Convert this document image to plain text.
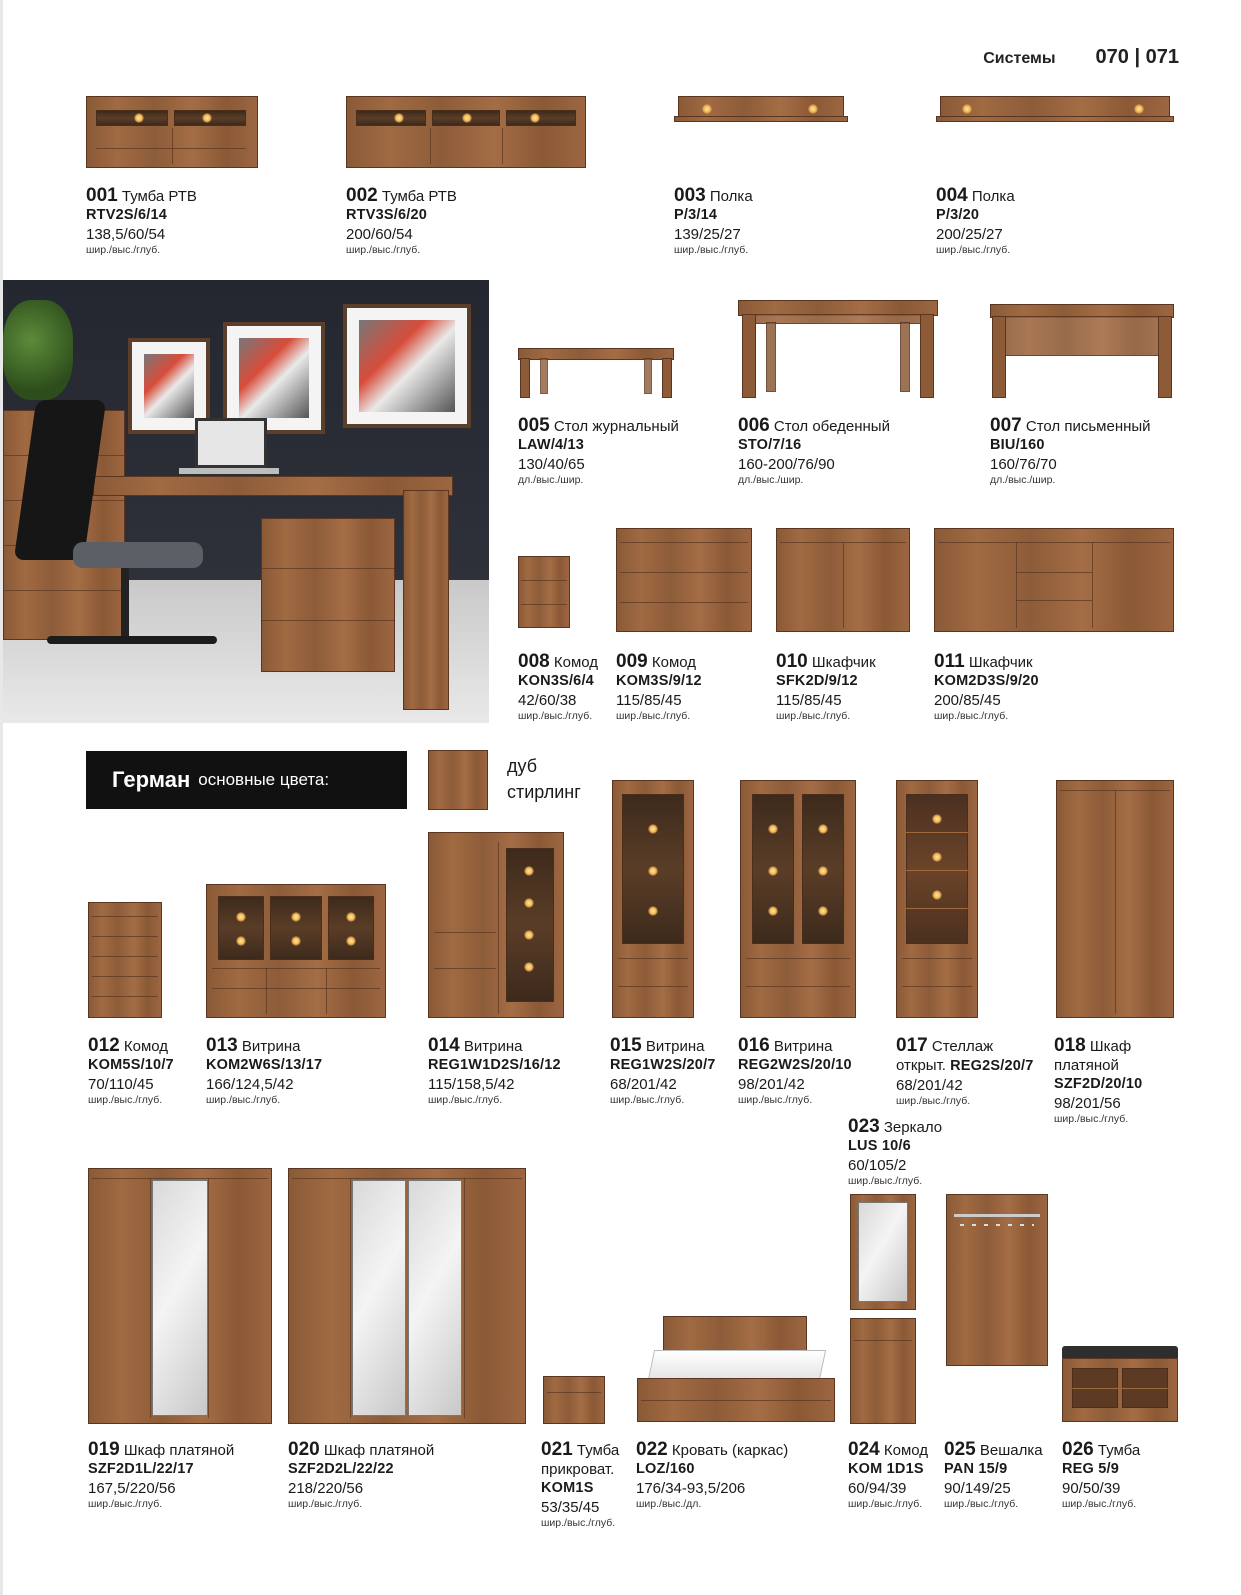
Системы 070 | 071
001 Тумба РТВ
RTV2S/6/14
138,5/60/54
шир./выс./глуб.
002 Тумба РТВ
RTV3S/6/20
200/60/54
шир./выс./глуб.
003 Полка
P/3/14
139/25/27
шир./выс./глуб.
004 Полка
P/3/20
200/25/27
шир./выс./глуб.
005 Стол журнальный
LAW/4/13
130/40/65
дл./выс./шир.
006 Стол обеденный
STO/7/16
160-200/76/90
дл./выс./шир.
007 Стол письменный
BIU/160
160/76/70
дл./выс./шир.
008 Комод
KON3S/6/4
42/60/38
шир./выс./глуб.
009 Комод
KOM3S/9/12
115/85/45
шир./выс./глуб.
010 Шкафчик
SFK2D/9/12
115/85/45
шир./выс./глуб.
011 Шкафчик
KOM2D3S/9/20
200/85/45
шир./выс./глуб.
Герман основные цвета:
дуб
стирлинг
012 Комод
KOM5S/10/7
70/110/45
шир./выс./глуб.
013 Витрина
KOM2W6S/13/17
166/124,5/42
шир./выс./глуб.
014 Витрина
REG1W1D2S/16/12
115/158,5/42
шир./выс./глуб.
015 Витрина
REG1W2S/20/7
68/201/42
шир./выс./глуб.
016 Витрина
REG2W2S/20/10
98/201/42
шир./выс./глуб.
017 Стеллаж
открыт. REG2S/20/7
68/201/42
шир./выс./глуб.
018 Шкаф
платяной
SZF2D/20/10
98/201/56
шир./выс./глуб.
023 Зеркало
LUS 10/6
60/105/2
шир./выс./глуб.
019 Шкаф платяной
SZF2D1L/22/17
167,5/220/56
шир./выс./глуб.
020 Шкаф платяной
SZF2D2L/22/22
218/220/56
шир./выс./глуб.
021 Тумба
прикроват.
KOM1S
53/35/45
шир./выс./глуб.
022 Кровать (каркас)
LOZ/160
176/34-93,5/206
шир./выс./дл.
024 Комод
KOM 1D1S
60/94/39
шир./выс./глуб.
025 Вешалка
PAN 15/9
90/149/25
шир./выс./глуб.
026 Тумба
REG 5/9
90/50/39
шир./выс./глуб.
